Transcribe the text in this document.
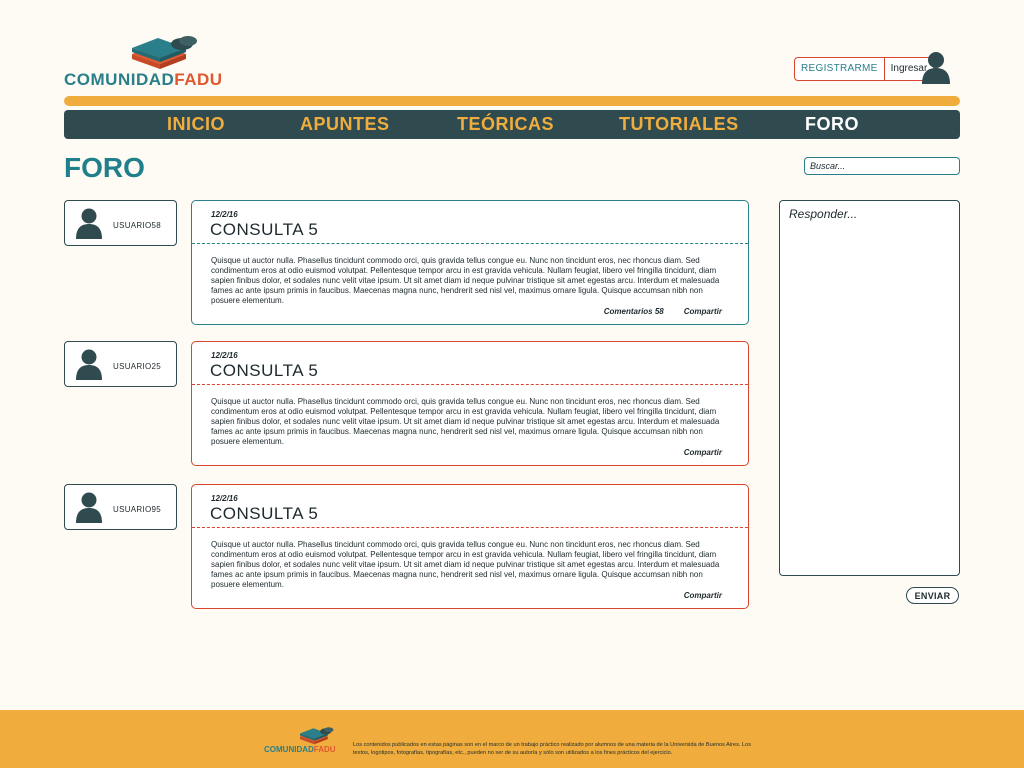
COMUNIDADFADU
REGISTRARME	Ingresar
INICIO	APUNTES	TEÓRICAS	TUTORIALES	FORO
FORO
Buscar...
USUARIO58
12/2/16
CONSULTA 5

Quisque ut auctor nulla. Phasellus tincidunt commodo orci, quis gravida tellus congue eu. Nunc non tincidunt eros, nec rhoncus diam. Sed condimentum eros at odio euismod volutpat. Pellentesque tempor arcu in est gravida vehicula. Nullam feugiat, libero vel fringilla tincidunt, diam sapien finibus dolor, et sodales nunc velit vitae ipsum. Ut sit amet diam id neque pulvinar tristique sit amet egestas arcu. Interdum et malesuada fames ac ante ipsum primis in faucibus. Maecenas magna nunc, hendrerit sed nisl vel, maximus ornare ligula. Quisque accumsan nibh non posuere elementum.

Comentarios 58	Compartir
USUARIO25
12/2/16
CONSULTA 5

Quisque ut auctor nulla. Phasellus tincidunt commodo orci, quis gravida tellus congue eu. Nunc non tincidunt eros, nec rhoncus diam. Sed condimentum eros at odio euismod volutpat. Pellentesque tempor arcu in est gravida vehicula. Nullam feugiat, libero vel fringilla tincidunt, diam sapien finibus dolor, et sodales nunc velit vitae ipsum. Ut sit amet diam id neque pulvinar tristique sit amet egestas arcu. Interdum et malesuada fames ac ante ipsum primis in faucibus. Maecenas magna nunc, hendrerit sed nisl vel, maximus ornare ligula. Quisque accumsan nibh non posuere elementum.

Compartir
USUARIO95
12/2/16
CONSULTA 5

Quisque ut auctor nulla. Phasellus tincidunt commodo orci, quis gravida tellus congue eu. Nunc non tincidunt eros, nec rhoncus diam. Sed condimentum eros at odio euismod volutpat. Pellentesque tempor arcu in est gravida vehicula. Nullam feugiat, libero vel fringilla tincidunt, diam sapien finibus dolor, et sodales nunc velit vitae ipsum. Ut sit amet diam id neque pulvinar tristique sit amet egestas arcu. Interdum et malesuada fames ac ante ipsum primis in faucibus. Maecenas magna nunc, hendrerit sed nisl vel, maximus ornare ligula. Quisque accumsan nibh non posuere elementum.

Compartir
Responder...	ENVIAR
COMUNIDADFADU	Los contenidos publicados en estas páginas son en el marco de un trabajo práctico realizado por alumnos de una materia de la Universida de Buenos Aires. Los textos, logotipos, fotografías, tipografías, etc., pueden no ser de su autoría y sólo son utilizados a los fines prácticos del ejercicio.
